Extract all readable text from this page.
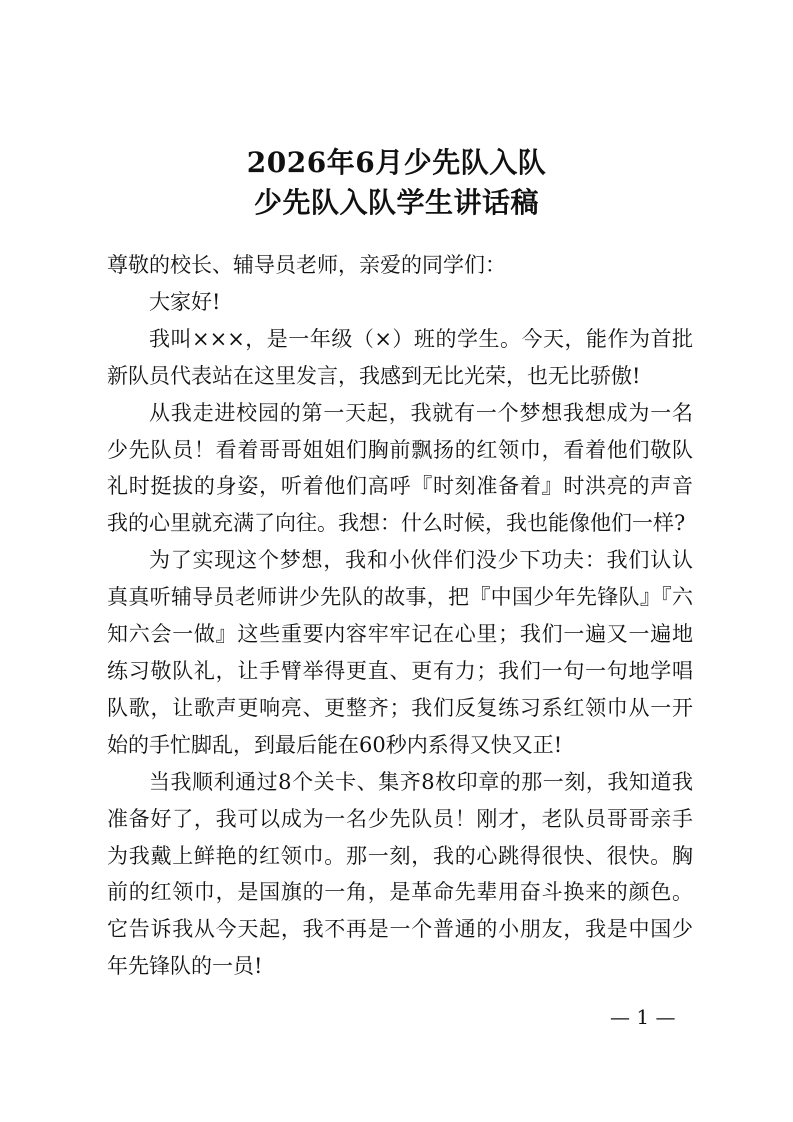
2026年6月少先队入队
少先队入队学生讲话稿

尊敬的校长、辅导员老师，亲爱的同学们：

大家好!

我叫×××，是一年级（×）班的学生。今天，能作为首批新队员代表站在这里发言，我感到无比光荣，也无比骄傲!

从我走进校园的第一天起，我就有一个梦想我想成为一名少先队员！看着哥哥姐姐们胸前飘扬的红领巾，看着他们敬队礼时挺拔的身姿，听着他们高呼『时刻准备着』时洪亮的声音我的心里就充满了向往。我想：什么时候，我也能像他们一样?

为了实现这个梦想，我和小伙伴们没少下功夫：我们认认真真听辅导员老师讲少先队的故事，把『中国少年先锋队』『六知六会一做』这些重要内容牢牢记在心里；我们一遍又一遍地练习敬队礼，让手臂举得更直、更有力；我们一句一句地学唱队歌，让歌声更响亮、更整齐；我们反复练习系红领巾从一开始的手忙脚乱，到最后能在60秒内系得又快又正!

当我顺利通过8个关卡、集齐8枚印章的那一刻，我知道我准备好了，我可以成为一名少先队员！刚才，老队员哥哥亲手为我戴上鲜艳的红领巾。那一刻，我的心跳得很快、很快。胸前的红领巾，是国旗的一角，是革命先辈用奋斗换来的颜色。它告诉我从今天起，我不再是一个普通的小朋友，我是中国少年先锋队的一员!

— 1 —
